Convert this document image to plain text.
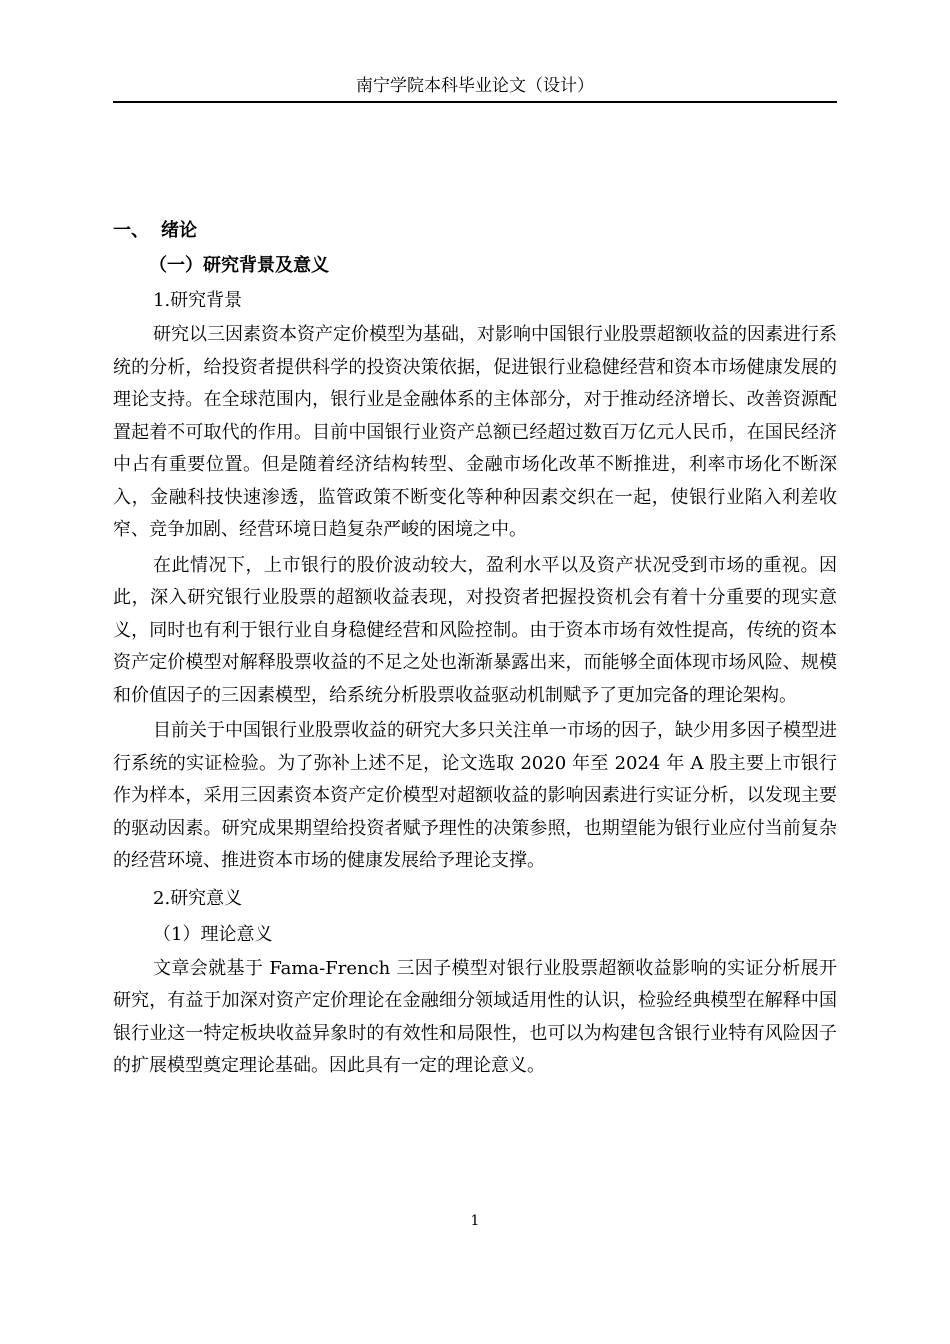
南宁学院本科毕业论文（设计）
一、 绪论
（一）研究背景及意义
1.研究背景

研究以三因素资本资产定价模型为基础，对影响中国银行业股票超额收益的因素进行系统的分析，给投资者提供科学的投资决策依据，促进银行业稳健经营和资本市场健康发展的理论支持。在全球范围内，银行业是金融体系的主体部分，对于推动经济增长、改善资源配置起着不可取代的作用。目前中国银行业资产总额已经超过数百万亿元人民币，在国民经济中占有重要位置。但是随着经济结构转型、金融市场化改革不断推进，利率市场化不断深入，金融科技快速渗透，监管政策不断变化等种种因素交织在一起，使银行业陷入利差收窄、竞争加剧、经营环境日趋复杂严峻的困境之中。

在此情况下，上市银行的股价波动较大，盈利水平以及资产状况受到市场的重视。因此，深入研究银行业股票的超额收益表现，对投资者把握投资机会有着十分重要的现实意义，同时也有利于银行业自身稳健经营和风险控制。由于资本市场有效性提高，传统的资本资产定价模型对解释股票收益的不足之处也渐渐暴露出来，而能够全面体现市场风险、规模和价值因子的三因素模型，给系统分析股票收益驱动机制赋予了更加完备的理论架构。

目前关于中国银行业股票收益的研究大多只关注单一市场的因子，缺少用多因子模型进行系统的实证检验。为了弥补上述不足，论文选取 2020 年至 2024 年 A 股主要上市银行作为样本，采用三因素资本资产定价模型对超额收益的影响因素进行实证分析，以发现主要的驱动因素。研究成果期望给投资者赋予理性的决策参照，也期望能为银行业应付当前复杂的经营环境、推进资本市场的健康发展给予理论支撑。

2.研究意义
（1）理论意义

文章会就基于 Fama-French 三因子模型对银行业股票超额收益影响的实证分析展开研究，有益于加深对资产定价理论在金融细分领域适用性的认识，检验经典模型在解释中国银行业这一特定板块收益异象时的有效性和局限性，也可以为构建包含银行业特有风险因子的扩展模型奠定理论基础。因此具有一定的理论意义。

1
